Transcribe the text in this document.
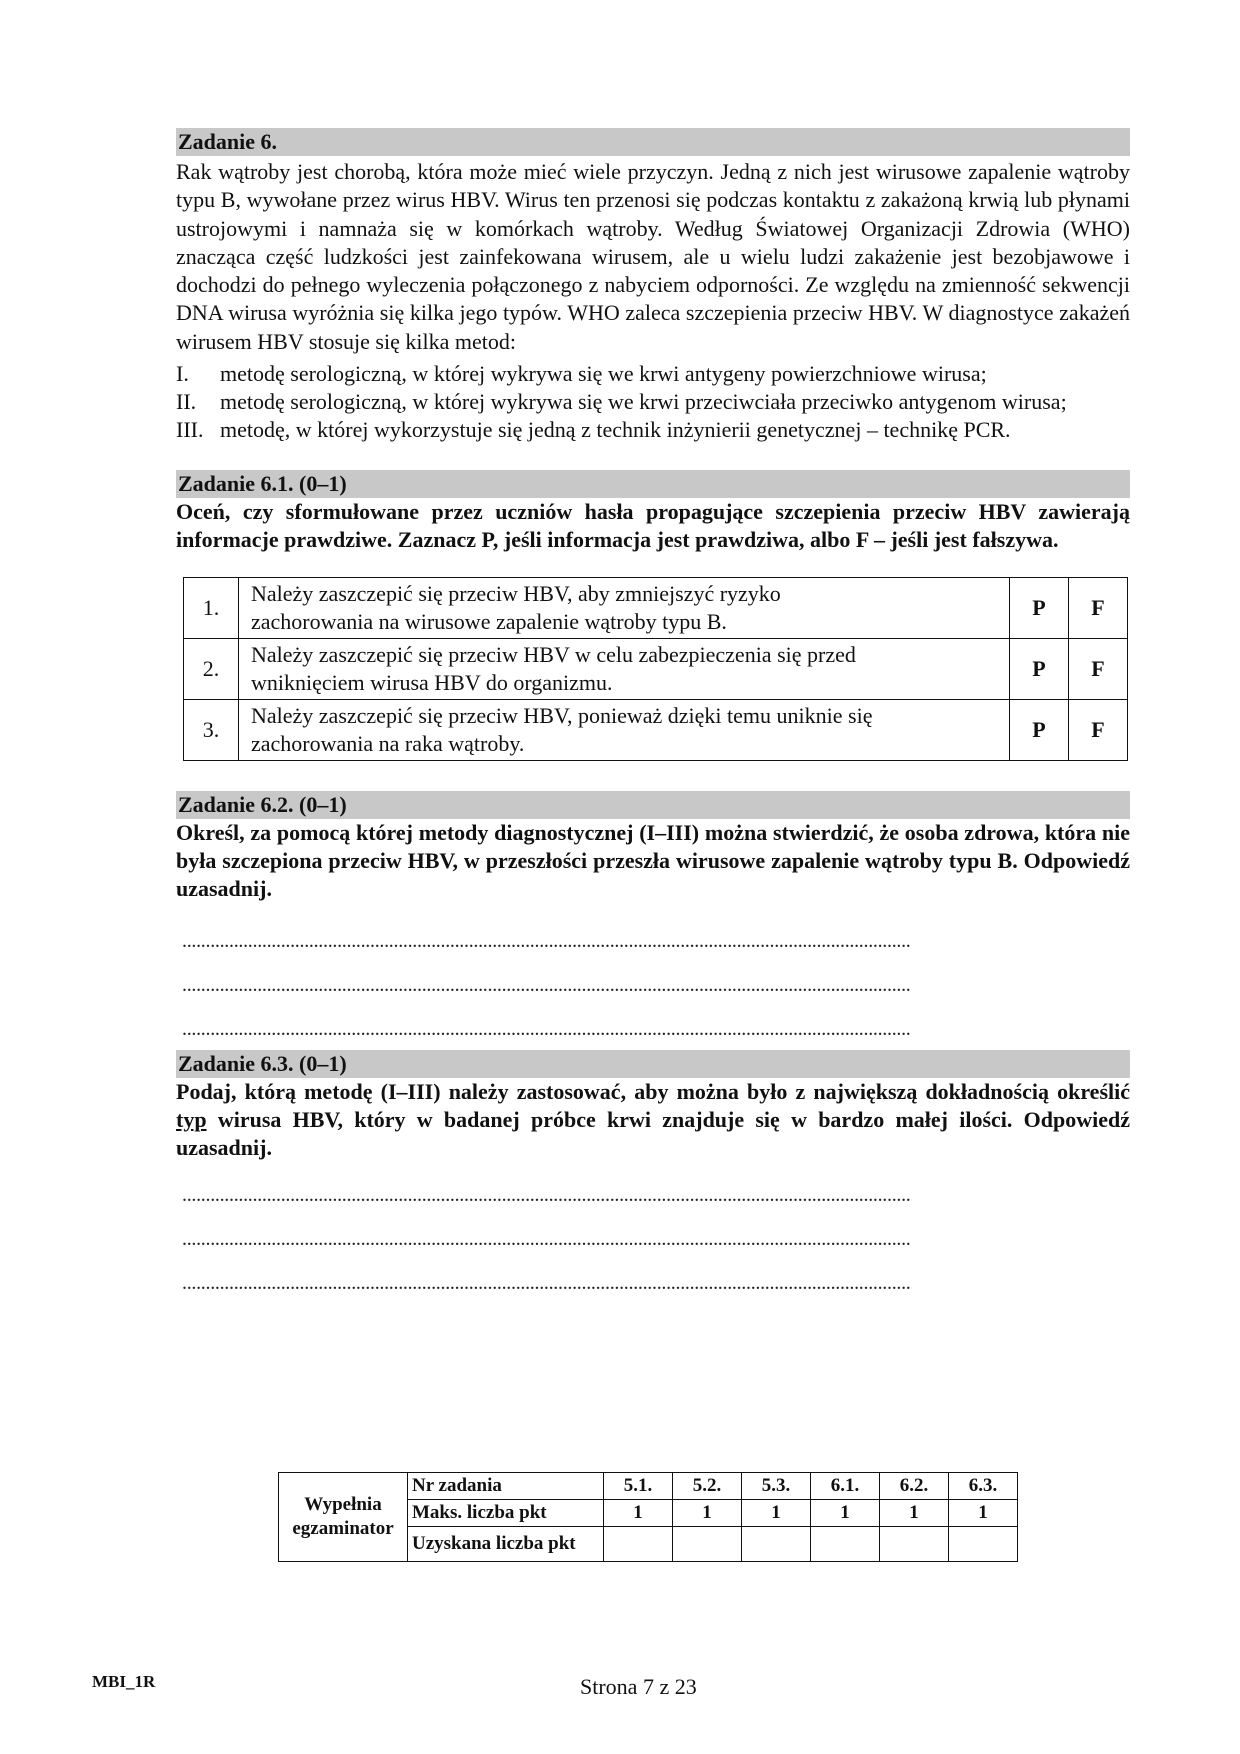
Zadanie 6.

Rak wątroby jest chorobą, która może mieć wiele przyczyn. Jedną z nich jest wirusowe zapalenie wątroby typu B, wywołane przez wirus HBV. Wirus ten przenosi się podczas kontaktu z zakażoną krwią lub płynami ustrojowymi i namnaża się w komórkach wątroby. Według Światowej Organizacji Zdrowia (WHO) znacząca część ludzkości jest zainfekowana wirusem, ale u wielu ludzi zakażenie jest bezobjawowe i dochodzi do pełnego wyleczenia połączonego z nabyciem odporności. Ze względu na zmienność sekwencji DNA wirusa wyróżnia się kilka jego typów. WHO zaleca szczepienia przeciw HBV. W diagnostyce zakażeń wirusem HBV stosuje się kilka metod:

I.	metodę serologiczną, w której wykrywa się we krwi antygeny powierzchniowe wirusa;
II.	metodę serologiczną, w której wykrywa się we krwi przeciwciała przeciwko antygenom wirusa;
III. metodę, w której wykorzystuje się jedną z technik inżynierii genetycznej – technikę PCR.
Zadanie 6.1. (0–1)

Oceń, czy sformułowane przez uczniów hasła propagujące szczepienia przeciw HBV zawierają informacje prawdziwe. Zaznacz P, jeśli informacja jest prawdziwa, albo F – jeśli jest fałszywa.

1.	Należy zaszczepić się przeciw HBV, aby zmniejszyć ryzyko
zachorowania na wirusowe zapalenie wątroby typu B.	P	F
2.	Należy zaszczepić się przeciw HBV w celu zabezpieczenia się przed
wniknięciem wirusa HBV do organizmu.	P	F
3.	Należy zaszczepić się przeciw HBV, ponieważ dzięki temu uniknie się
zachorowania na raka wątroby.	P	F
Zadanie 6.2. (0–1)

Określ, za pomocą której metody diagnostycznej (I–III) można stwierdzić, że osoba zdrowa, która nie była szczepiona przeciw HBV, w przeszłości przeszła wirusowe zapalenie wątroby typu B. Odpowiedź uzasadnij.

...........................................................................................................................................................
...........................................................................................................................................................
...........................................................................................................................................................
Zadanie 6.3. (0–1)

Podaj, którą metodę (I–III) należy zastosować, aby można było z największą dokładnością określić typ wirusa HBV, który w badanej próbce krwi znajduje się w bardzo małej ilości. Odpowiedź uzasadnij.

...........................................................................................................................................................
...........................................................................................................................................................
...........................................................................................................................................................
Wypełnia
egzaminator	Nr zadania	5.1.	5.2.	5.3.	6.1.	6.2.	6.3.
	Maks. liczba pkt	1	1	1	1	1	1
	Uzyskana liczba pkt						
MBI_1R	Strona 7 z 23
